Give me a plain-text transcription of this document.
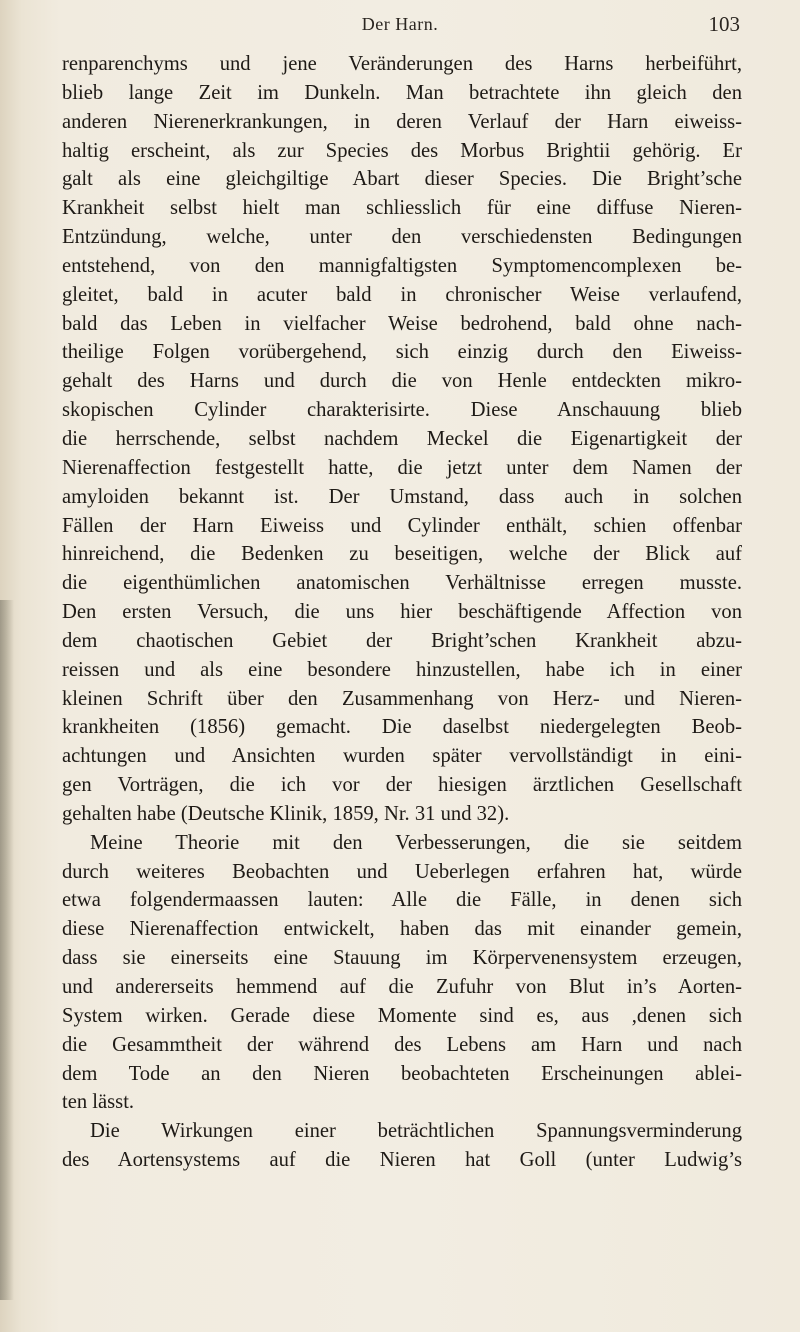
Der Harn.	103
renparenchyms und jene Veränderungen des Harns herbeiführt,
blieb lange Zeit im Dunkeln. Man betrachtete ihn gleich den
anderen Nierenerkrankungen, in deren Verlauf der Harn eiweiss-
haltig erscheint, als zur Species des Morbus Brightii gehörig. Er
galt als eine gleichgiltige Abart dieser Species. Die Bright’sche
Krankheit selbst hielt man schliesslich für eine diffuse Nieren-
Entzündung, welche, unter den verschiedensten Bedingungen
entstehend, von den mannigfaltigsten Symptomencomplexen be-
gleitet, bald in acuter bald in chronischer Weise verlaufend,
bald das Leben in vielfacher Weise bedrohend, bald ohne nach-
theilige Folgen vorübergehend, sich einzig durch den Eiweiss-
gehalt des Harns und durch die von Henle entdeckten mikro-
skopischen Cylinder charakterisirte. Diese Anschauung blieb
die herrschende, selbst nachdem Meckel die Eigenartigkeit der
Nierenaffection festgestellt hatte, die jetzt unter dem Namen der
amyloiden bekannt ist. Der Umstand, dass auch in solchen
Fällen der Harn Eiweiss und Cylinder enthält, schien offenbar
hinreichend, die Bedenken zu beseitigen, welche der Blick auf
die eigenthümlichen anatomischen Verhältnisse erregen musste.
Den ersten Versuch, die uns hier beschäftigende Affection von
dem chaotischen Gebiet der Bright’schen Krankheit abzu-
reissen und als eine besondere hinzustellen, habe ich in einer
kleinen Schrift über den Zusammenhang von Herz- und Nieren-
krankheiten (1856) gemacht. Die daselbst niedergelegten Beob-
achtungen und Ansichten wurden später vervollständigt in eini-
gen Vorträgen, die ich vor der hiesigen ärztlichen Gesellschaft
gehalten habe (Deutsche Klinik, 1859, Nr. 31 und 32).
Meine Theorie mit den Verbesserungen, die sie seitdem
durch weiteres Beobachten und Ueberlegen erfahren hat, würde
etwa folgendermaassen lauten: Alle die Fälle, in denen sich
diese Nierenaffection entwickelt, haben das mit einander gemein,
dass sie einerseits eine Stauung im Körpervenensystem erzeugen,
und andererseits hemmend auf die Zufuhr von Blut in’s Aorten-
System wirken. Gerade diese Momente sind es, aus ,denen sich
die Gesammtheit der während des Lebens am Harn und nach
dem Tode an den Nieren beobachteten Erscheinungen ablei-
ten lässt.
Die Wirkungen einer beträchtlichen Spannungsverminderung
des Aortensystems auf die Nieren hat Goll (unter Ludwig’s
